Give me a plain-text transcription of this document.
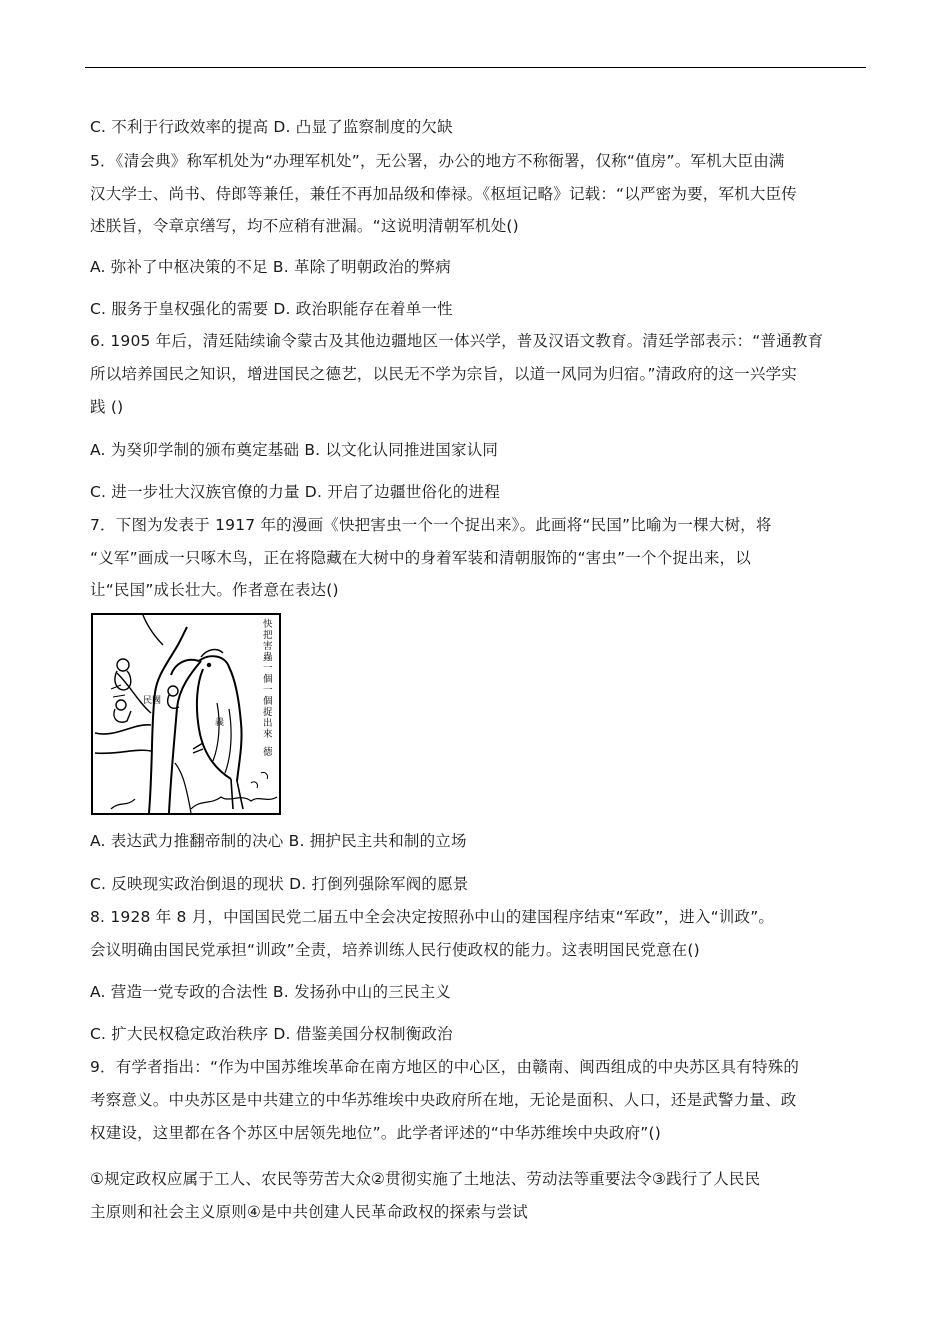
C. 不利于行政效率的提高 D. 凸显了监察制度的欠缺
5．《清会典》称军机处为“办理军机处”，无公署，办公的地方不称衙署，仅称“值房”。军机大臣由满
汉大学士、尚书、侍郎等兼任，兼任不再加品级和俸禄。《枢垣记略》记载：“以严密为要，军机大臣传
述朕旨，令章京缮写，均不应稍有泄漏。“这说明清朝军机处()
A. 弥补了中枢决策的不足 B. 革除了明朝政治的弊病
C. 服务于皇权强化的需要 D. 政治职能存在着单一性
6. 1905 年后，清廷陆续谕令蒙古及其他边疆地区一体兴学，普及汉语文教育。清廷学部表示：“普通教育
所以培养国民之知识，增进国民之德艺，以民无不学为宗旨，以道一风同为归宿。”清政府的这一兴学实
践 ()
A. 为癸卯学制的颁布奠定基础 B. 以文化认同推进国家认同
C. 进一步壮大汉族官僚的力量 D. 开启了边疆世俗化的进程
7．下图为发表于 1917 年的漫画《快把害虫一个一个捉出来》。此画将“民国”比喻为一棵大树，将
“义军”画成一只啄木鸟，正在将隐藏在大树中的身着军装和清朝服饰的“害虫”一个个捉出来，以
让“民国”成长壮大。作者意在表达()
民國
義
快
把
害
蟲
一
個
一
個
捉
出
來
德
A. 表达武力推翻帝制的决心 B. 拥护民主共和制的立场
C. 反映现实政治倒退的现状 D. 打倒列强除军阀的愿景
8. 1928 年 8 月，中国国民党二届五中全会决定按照孙中山的建国程序结束“军政”，进入“训政”。
会议明确由国民党承担“训政”全责，培养训练人民行使政权的能力。这表明国民党意在()
A. 营造一党专政的合法性 B. 发扬孙中山的三民主义
C. 扩大民权稳定政治秩序 D. 借鉴美国分权制衡政治
9．有学者指出：“作为中国苏维埃革命在南方地区的中心区，由赣南、闽西组成的中央苏区具有特殊的
考察意义。中央苏区是中共建立的中华苏维埃中央政府所在地，无论是面积、人口，还是武警力量、政
权建设，这里都在各个苏区中居领先地位”。此学者评述的“中华苏维埃中央政府”()
①规定政权应属于工人、农民等劳苦大众②贯彻实施了土地法、劳动法等重要法令③践行了人民民
主原则和社会主义原则④是中共创建人民革命政权的探索与尝试
